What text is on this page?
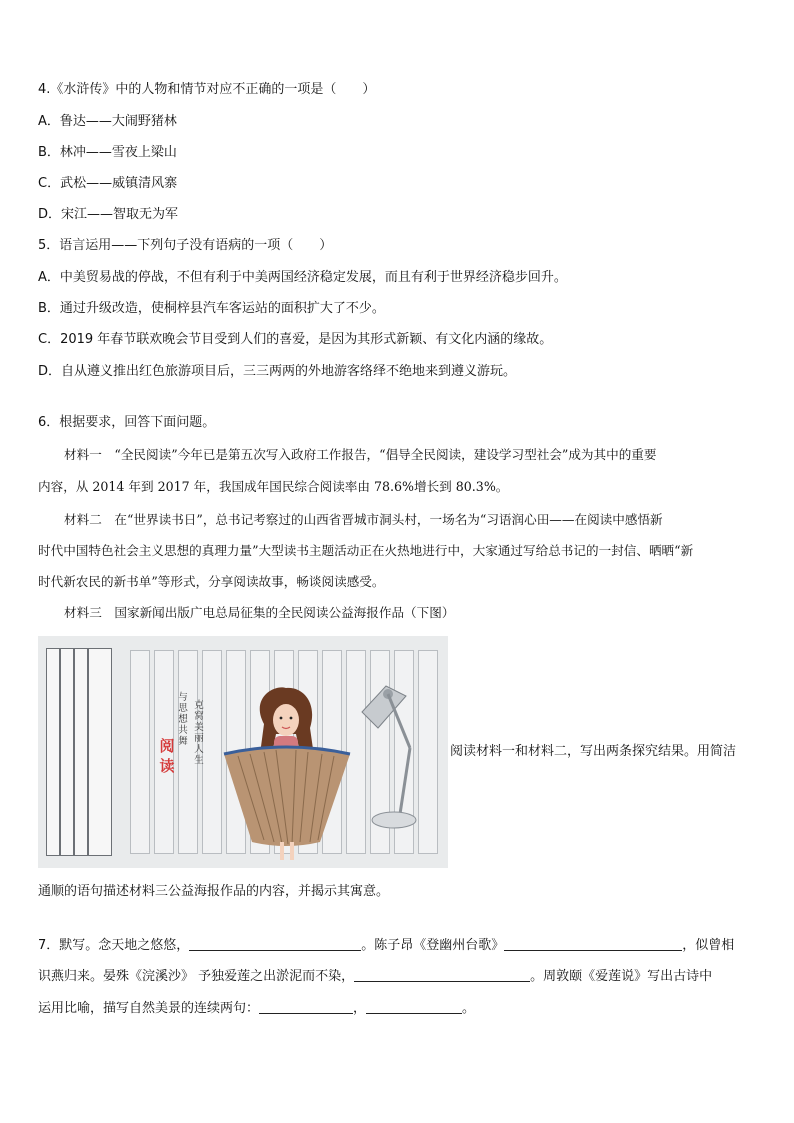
4.《水浒传》中的人物和情节对应不正确的一项是（　　）
A．鲁达——大闹野猪林
B．林冲——雪夜上梁山
C．武松——威镇清风寨
D．宋江——智取无为军
5．语言运用——下列句子没有语病的一项（　　）
A．中美贸易战的停战，不但有利于中美两国经济稳定发展，而且有利于世界经济稳步回升。
B．通过升级改造，使桐梓县汽车客运站的面积扩大了不少。
C．2019 年春节联欢晚会节目受到人们的喜爱，是因为其形式新颖、有文化内涵的缘故。
D．自从遵义推出红色旅游项目后，三三两两的外地游客络绎不绝地来到遵义游玩。
6．根据要求，回答下面问题。
材料一　“全民阅读”今年已是第五次写入政府工作报告，“倡导全民阅读，建设学习型社会”成为其中的重要
内容，从 2014 年到 2017 年，我国成年国民综合阅读率由 78.6%增长到 80.3%。
材料二　在“世界读书日”，总书记考察过的山西省晋城市洞头村，一场名为“习语润心田——在阅读中感悟新
时代中国特色社会主义思想的真理力量”大型读书主题活动正在火热地进行中，大家通过写给总书记的一封信、晒晒“新
时代新农民的新书单”等形式，分享阅读故事，畅谈阅读感受。
材料三　国家新闻出版广电总局征集的全民阅读公益海报作品（下图）
阅读
与思想共舞
克窝美丽人生
阅读材料一和材料二，写出两条探究结果。用简洁
通顺的语句描述材料三公益海报作品的内容，并揭示其寓意。
7．默写。念天地之悠悠，	。陈子昂《登幽州台歌》	，似曾相
识燕归来。晏殊《浣溪沙》 予独爱莲之出淤泥而不染，	。周敦颐《爱莲说》写出古诗中
运用比喻，描写自然美景的连续两句：	，	。
